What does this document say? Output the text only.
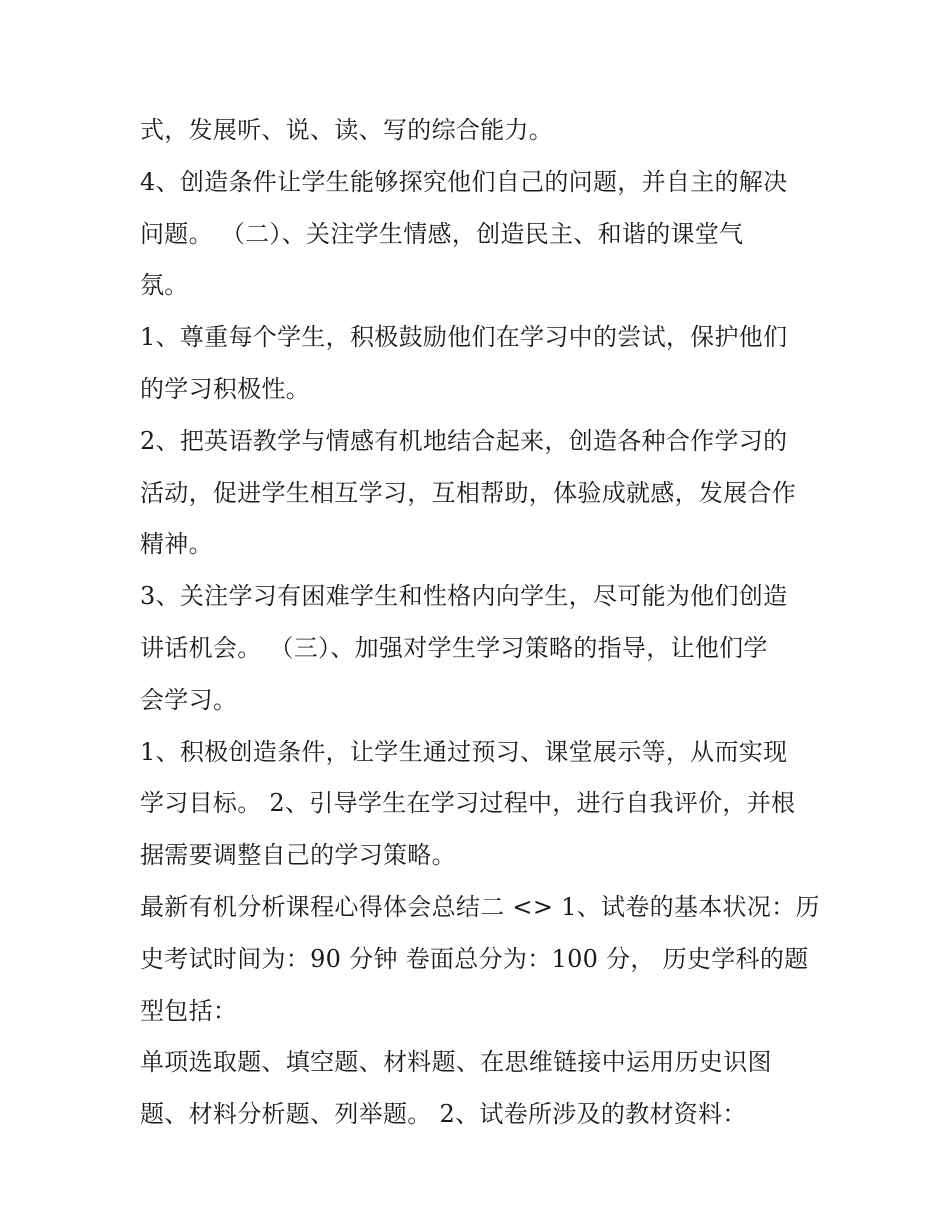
式，发展听、说、读、写的综合能力。
4、创造条件让学生能够探究他们自己的问题，并自主的解决
问题。 （二）、关注学生情感，创造民主、和谐的课堂气
氛。
1、尊重每个学生，积极鼓励他们在学习中的尝试，保护他们
的学习积极性。
2、把英语教学与情感有机地结合起来，创造各种合作学习的
活动，促进学生相互学习，互相帮助，体验成就感，发展合作
精神。
3、关注学习有困难学生和性格内向学生，尽可能为他们创造
讲话机会。 （三）、加强对学生学习策略的指导，让他们学
会学习。
1、积极创造条件，让学生通过预习、课堂展示等，从而实现
学习目标。 2、引导学生在学习过程中，进行自我评价，并根
据需要调整自己的学习策略。
最新有机分析课程心得体会总结二 <> 1、试卷的基本状况：历
史考试时间为：90 分钟 卷面总分为：100 分， 历史学科的题
型包括：
单项选取题、填空题、材料题、在思维链接中运用历史识图
题、材料分析题、列举题。 2、试卷所涉及的教材资料：
